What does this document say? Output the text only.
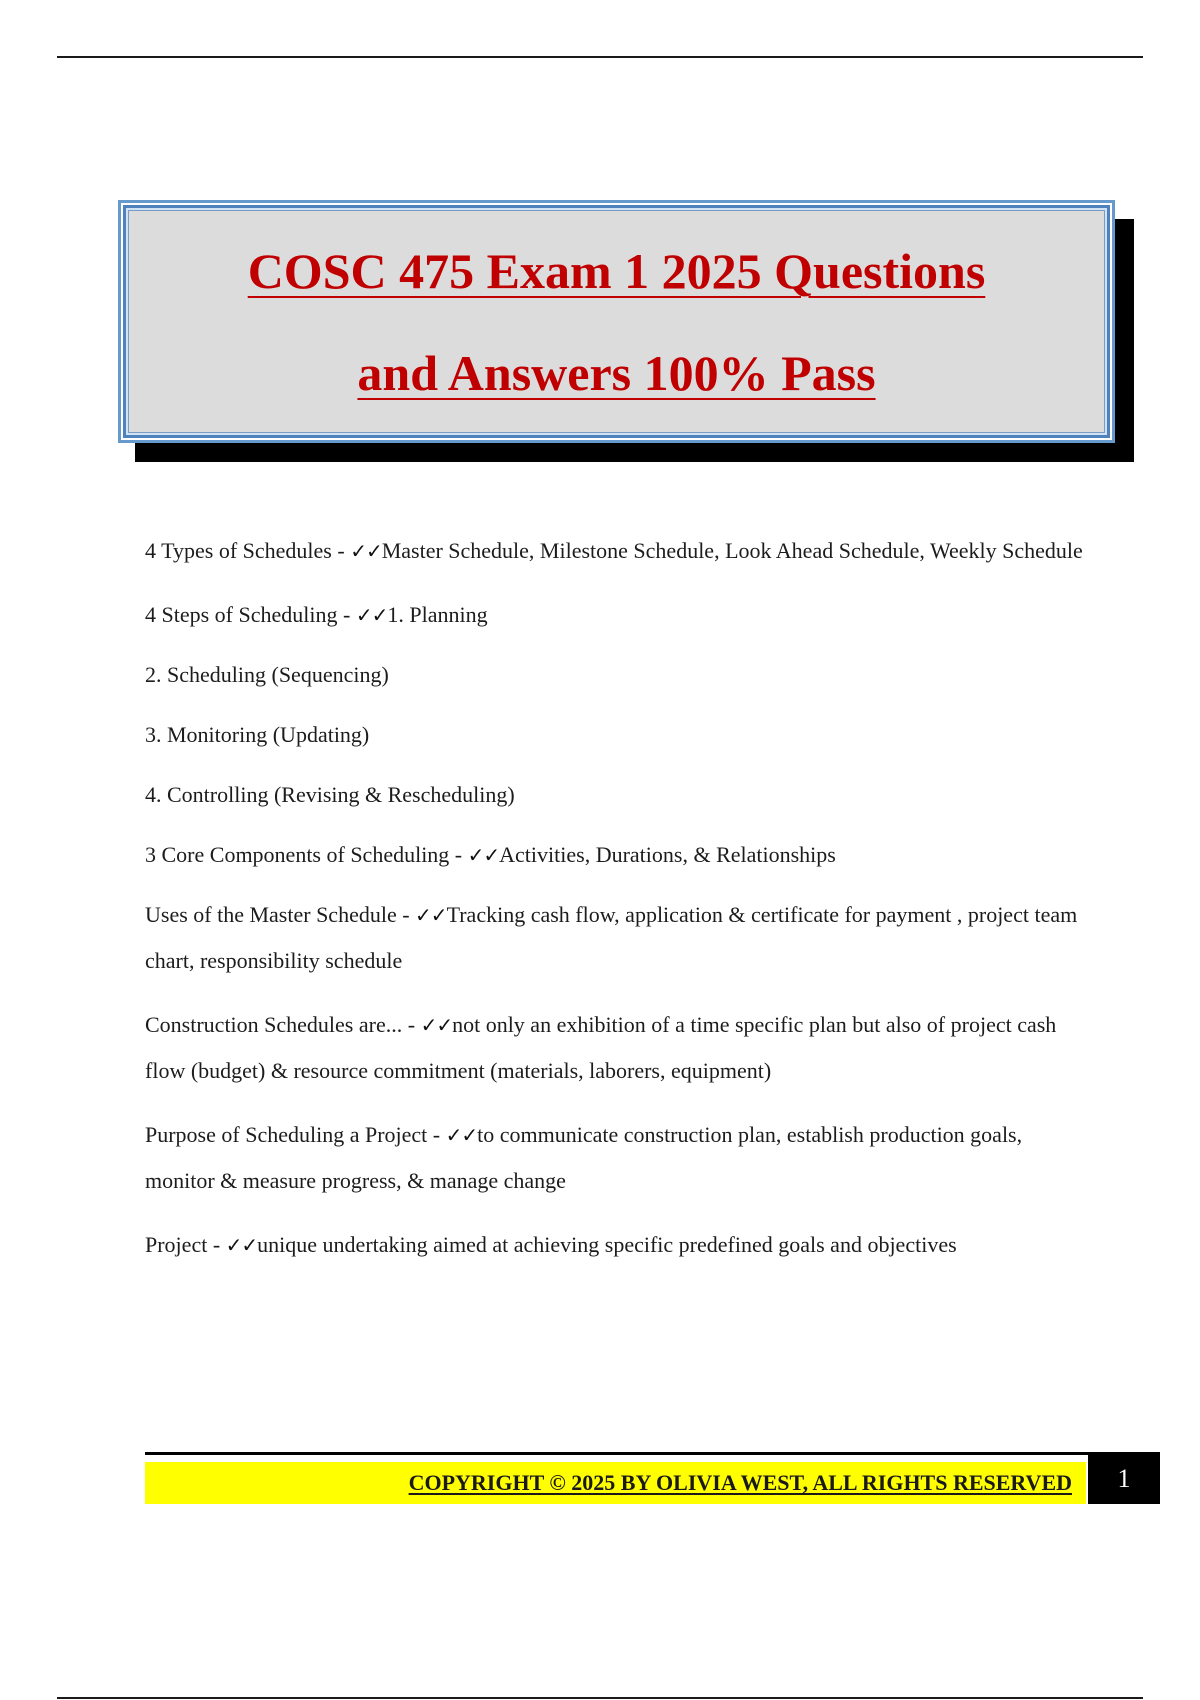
COSC 475 Exam 1 2025 Questions
and Answers 100% Pass

4 Types of Schedules - ✓✓Master Schedule, Milestone Schedule, Look Ahead Schedule, Weekly Schedule

4 Steps of Scheduling - ✓✓1. Planning

2. Scheduling (Sequencing)

3. Monitoring (Updating)

4. Controlling (Revising & Rescheduling)

3 Core Components of Scheduling - ✓✓Activities, Durations, & Relationships

Uses of the Master Schedule - ✓✓Tracking cash flow, application & certificate for payment , project team chart, responsibility schedule

Construction Schedules are... - ✓✓not only an exhibition of a time specific plan but also of project cash flow (budget) & resource commitment (materials, laborers, equipment)

Purpose of Scheduling a Project - ✓✓to communicate construction plan, establish production goals, monitor & measure progress, & manage change

Project - ✓✓unique undertaking aimed at achieving specific predefined goals and objectives

COPYRIGHT © 2025 BY OLIVIA WEST, ALL RIGHTS RESERVED 1
